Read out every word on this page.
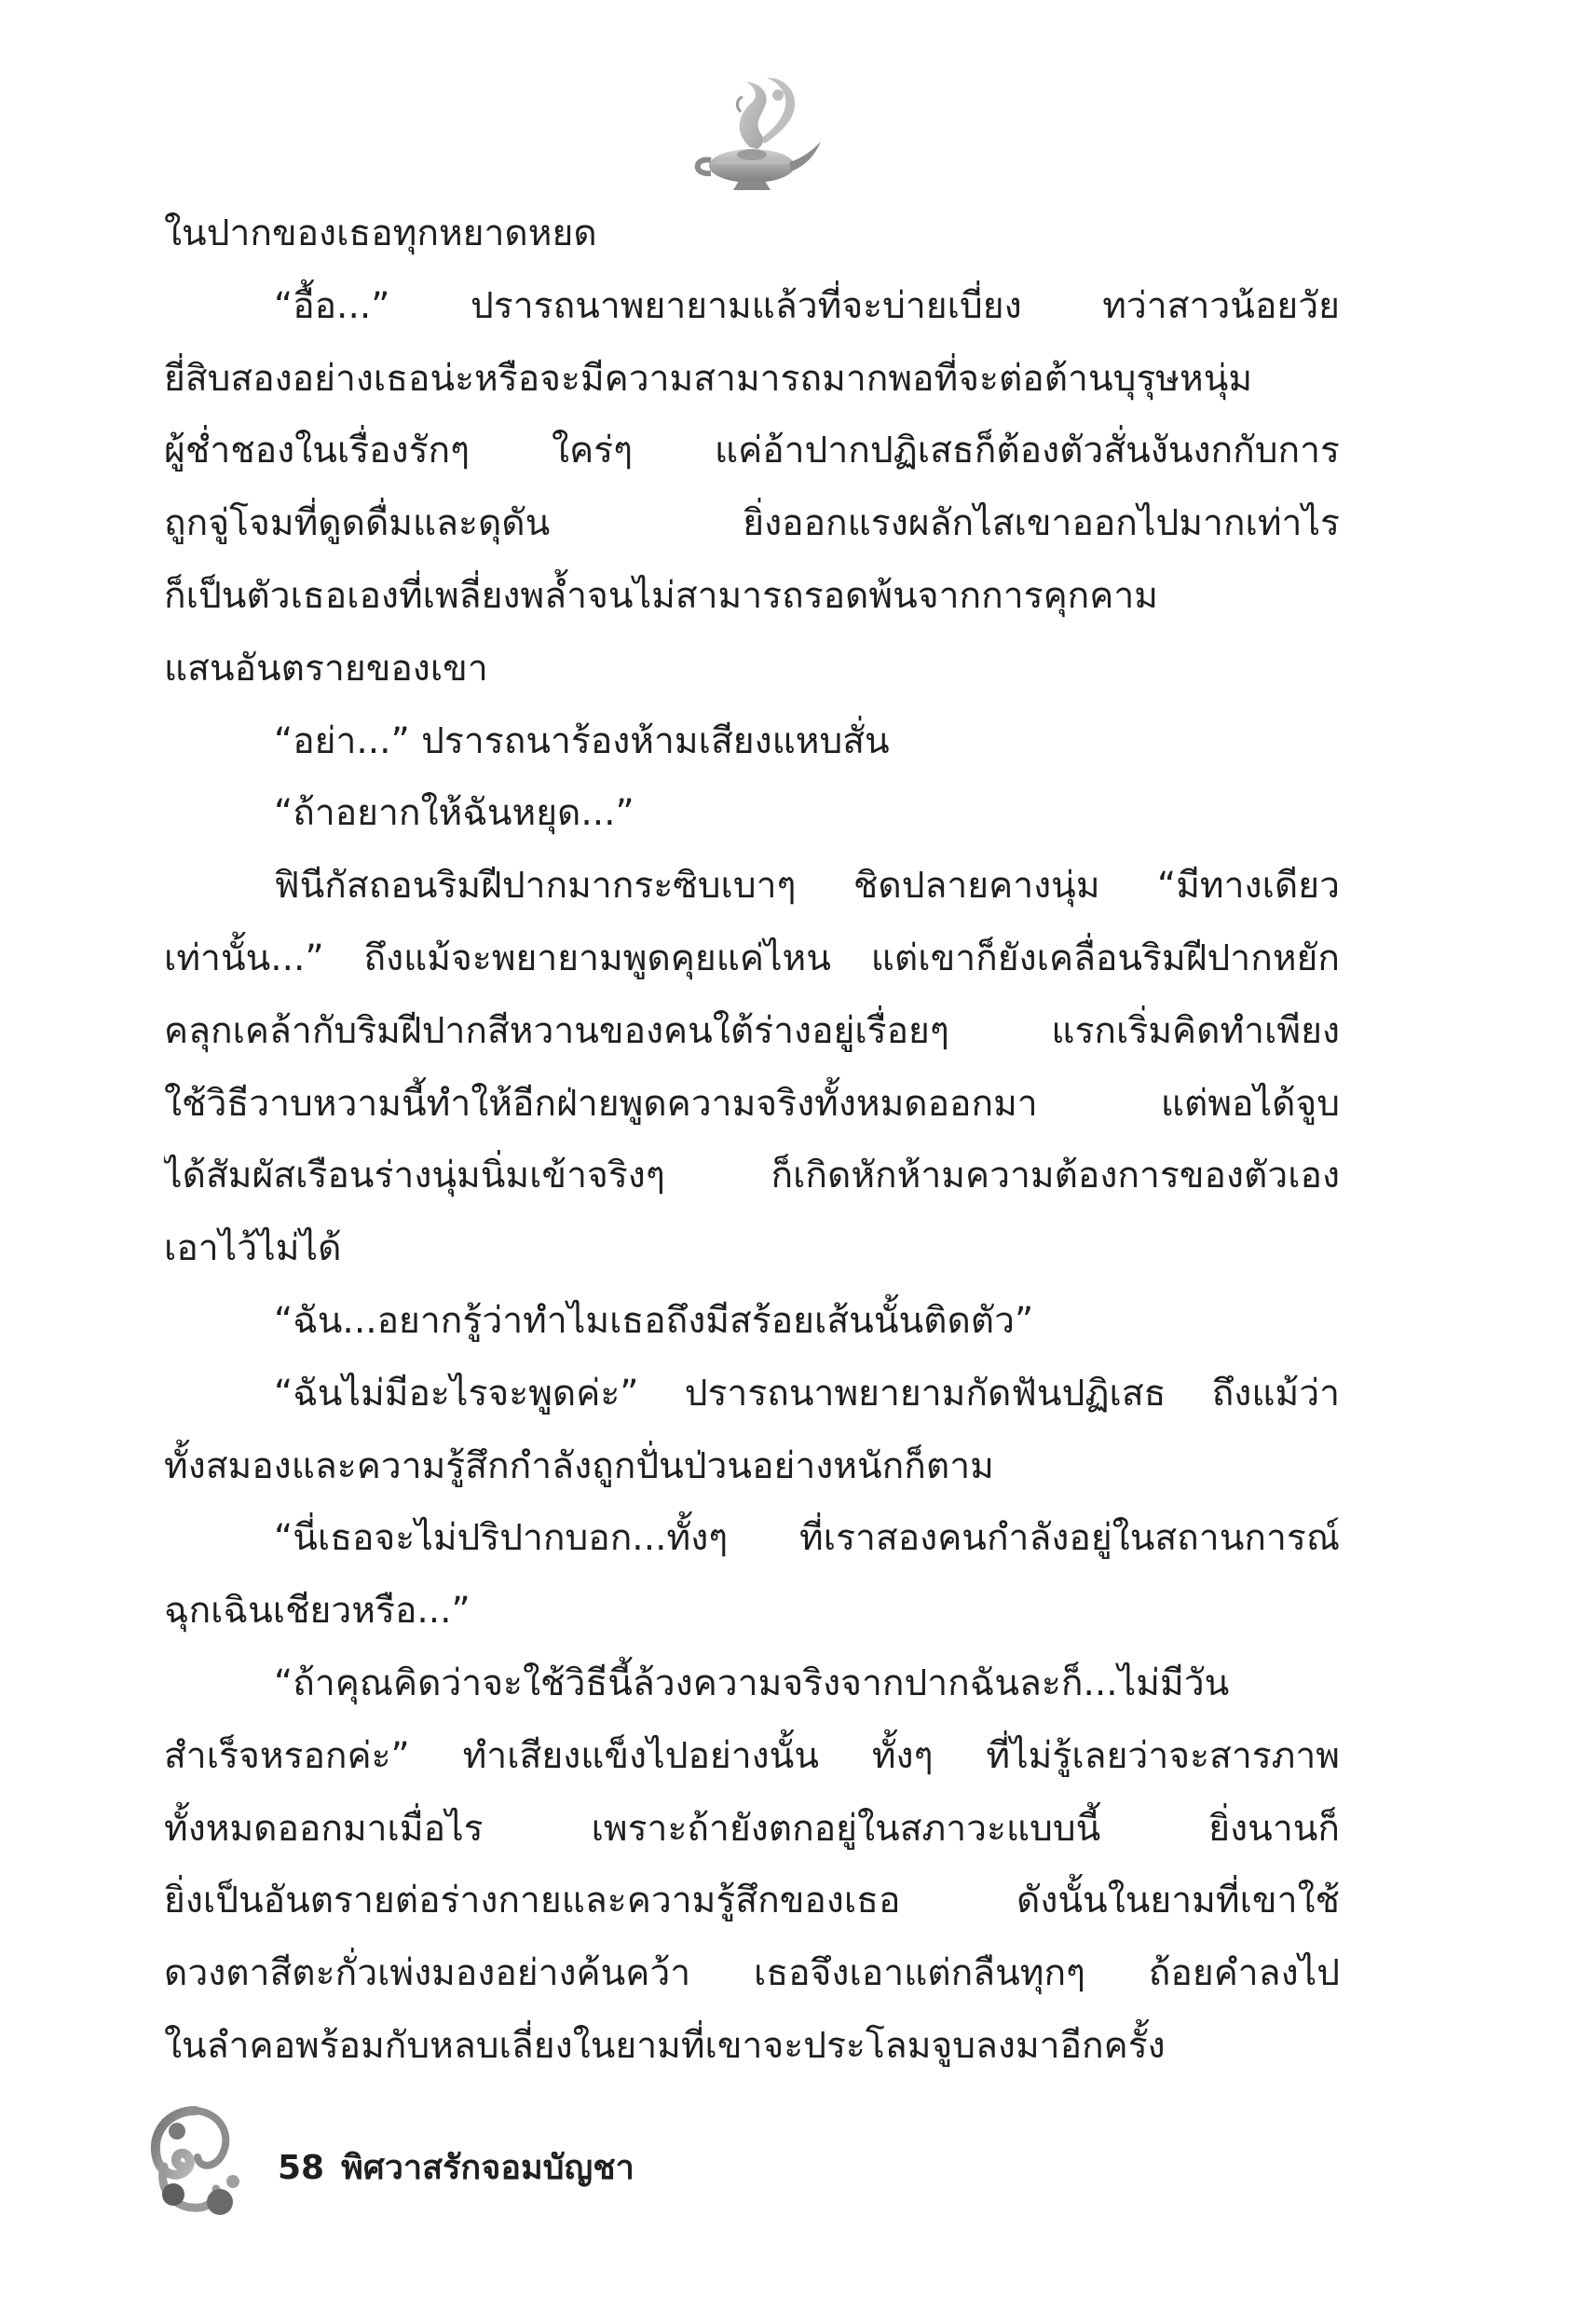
ในปากของเธอทุกหยาดหยด
“อื้อ...” ปรารถนาพยายามแล้วที่จะบ่ายเบี่ยง ทว่าสาวน้อยวัย
ยี่สิบสองอย่างเธอน่ะหรือจะมีความสามารถมากพอที่จะต่อต้านบุรุษหนุ่ม
ผู้ช่ำชองในเรื่องรักๆ ใคร่ๆ แค่อ้าปากปฏิเสธก็ต้องตัวสั่นงันงกกับการ
ถูกจู่โจมที่ดูดดื่มและดุดัน ยิ่งออกแรงผลักไสเขาออกไปมากเท่าไร
ก็เป็นตัวเธอเองที่เพลี่ยงพล้ำจนไม่สามารถรอดพ้นจากการคุกคาม
แสนอันตรายของเขา
“อย่า...” ปรารถนาร้องห้ามเสียงแหบสั่น
“ถ้าอยากให้ฉันหยุด...”
ฟินีกัสถอนริมฝีปากมากระซิบเบาๆ ชิดปลายคางนุ่ม “มีทางเดียว
เท่านั้น...” ถึงแม้จะพยายามพูดคุยแค่ไหน แต่เขาก็ยังเคลื่อนริมฝีปากหยัก
คลุกเคล้ากับริมฝีปากสีหวานของคนใต้ร่างอยู่เรื่อยๆ แรกเริ่มคิดทำเพียง
ใช้วิธีวาบหวามนี้ทำให้อีกฝ่ายพูดความจริงทั้งหมดออกมา แต่พอได้จูบ
ได้สัมผัสเรือนร่างนุ่มนิ่มเข้าจริงๆ ก็เกิดหักห้ามความต้องการของตัวเอง
เอาไว้ไม่ได้
“ฉัน...อยากรู้ว่าทำไมเธอถึงมีสร้อยเส้นนั้นติดตัว”
“ฉันไม่มีอะไรจะพูดค่ะ” ปรารถนาพยายามกัดฟันปฏิเสธ ถึงแม้ว่า
ทั้งสมองและความรู้สึกกำลังถูกปั่นป่วนอย่างหนักก็ตาม
“นี่เธอจะไม่ปริปากบอก...ทั้งๆ ที่เราสองคนกำลังอยู่ในสถานการณ์
ฉุกเฉินเชียวหรือ...”
“ถ้าคุณคิดว่าจะใช้วิธีนี้ล้วงความจริงจากปากฉันละก็...ไม่มีวัน
สำเร็จหรอกค่ะ” ทำเสียงแข็งไปอย่างนั้น ทั้งๆ ที่ไม่รู้เลยว่าจะสารภาพ
ทั้งหมดออกมาเมื่อไร เพราะถ้ายังตกอยู่ในสภาวะแบบนี้ ยิ่งนานก็
ยิ่งเป็นอันตรายต่อร่างกายและความรู้สึกของเธอ ดังนั้นในยามที่เขาใช้
ดวงตาสีตะกั่วเพ่งมองอย่างค้นคว้า เธอจึงเอาแต่กลืนทุกๆ ถ้อยคำลงไป
ในลำคอพร้อมกับหลบเลี่ยงในยามที่เขาจะประโลมจูบลงมาอีกครั้ง
58 พิศวาสรักจอมบัญชา
